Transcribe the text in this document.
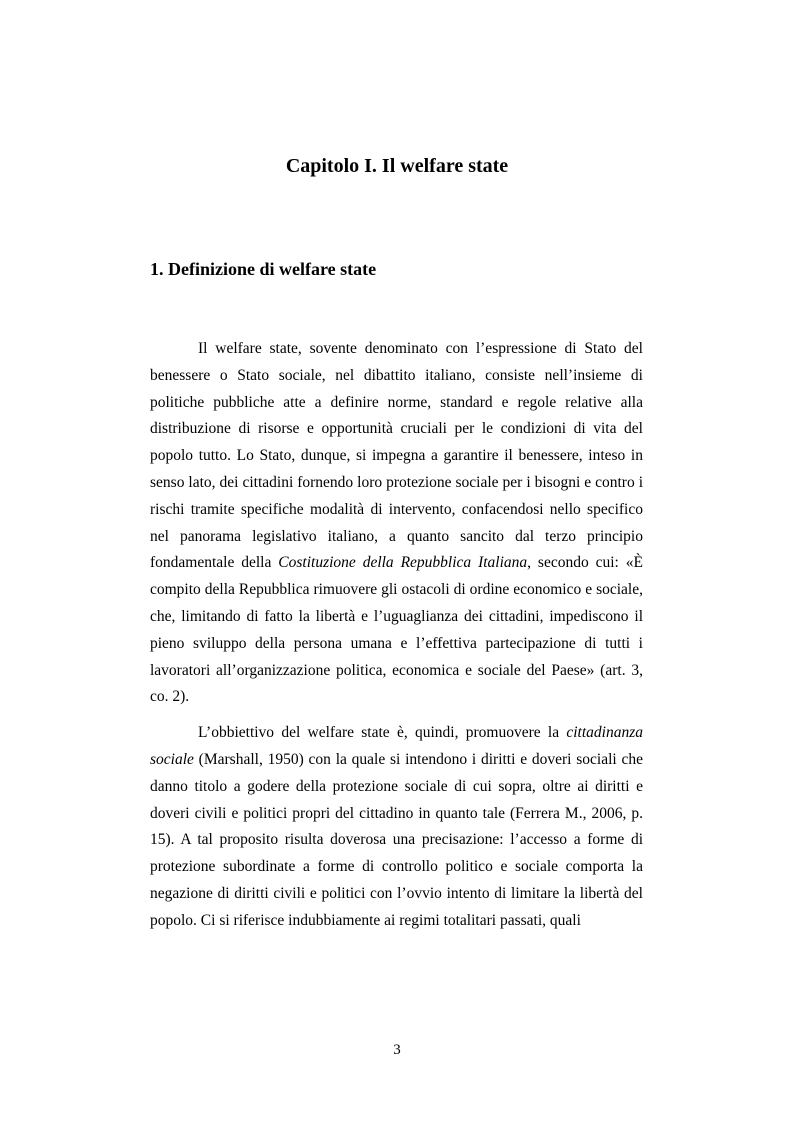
Capitolo I. Il welfare state
1. Definizione di welfare state

Il welfare state, sovente denominato con l’espressione di Stato del benessere o Stato sociale, nel dibattito italiano, consiste nell’insieme di politiche pubbliche atte a definire norme, standard e regole relative alla distribuzione di risorse e opportunità cruciali per le condizioni di vita del popolo tutto. Lo Stato, dunque, si impegna a garantire il benessere, inteso in senso lato, dei cittadini fornendo loro protezione sociale per i bisogni e contro i rischi tramite specifiche modalità di intervento, confacendosi nello specifico nel panorama legislativo italiano, a quanto sancito dal terzo principio fondamentale della Costituzione della Repubblica Italiana, secondo cui: «È compito della Repubblica rimuovere gli ostacoli di ordine economico e sociale, che, limitando di fatto la libertà e l’uguaglianza dei cittadini, impediscono il pieno sviluppo della persona umana e l’effettiva partecipazione di tutti i lavoratori all’organizzazione politica, economica e sociale del Paese» (art. 3, co. 2).

L’obbiettivo del welfare state è, quindi, promuovere la cittadinanza sociale (Marshall, 1950) con la quale si intendono i diritti e doveri sociali che danno titolo a godere della protezione sociale di cui sopra, oltre ai diritti e doveri civili e politici propri del cittadino in quanto tale (Ferrera M., 2006, p. 15). A tal proposito risulta doverosa una precisazione: l’accesso a forme di protezione subordinate a forme di controllo politico e sociale comporta la negazione di diritti civili e politici con l’ovvio intento di limitare la libertà del popolo. Ci si riferisce indubbiamente ai regimi totalitari passati, quali

3
